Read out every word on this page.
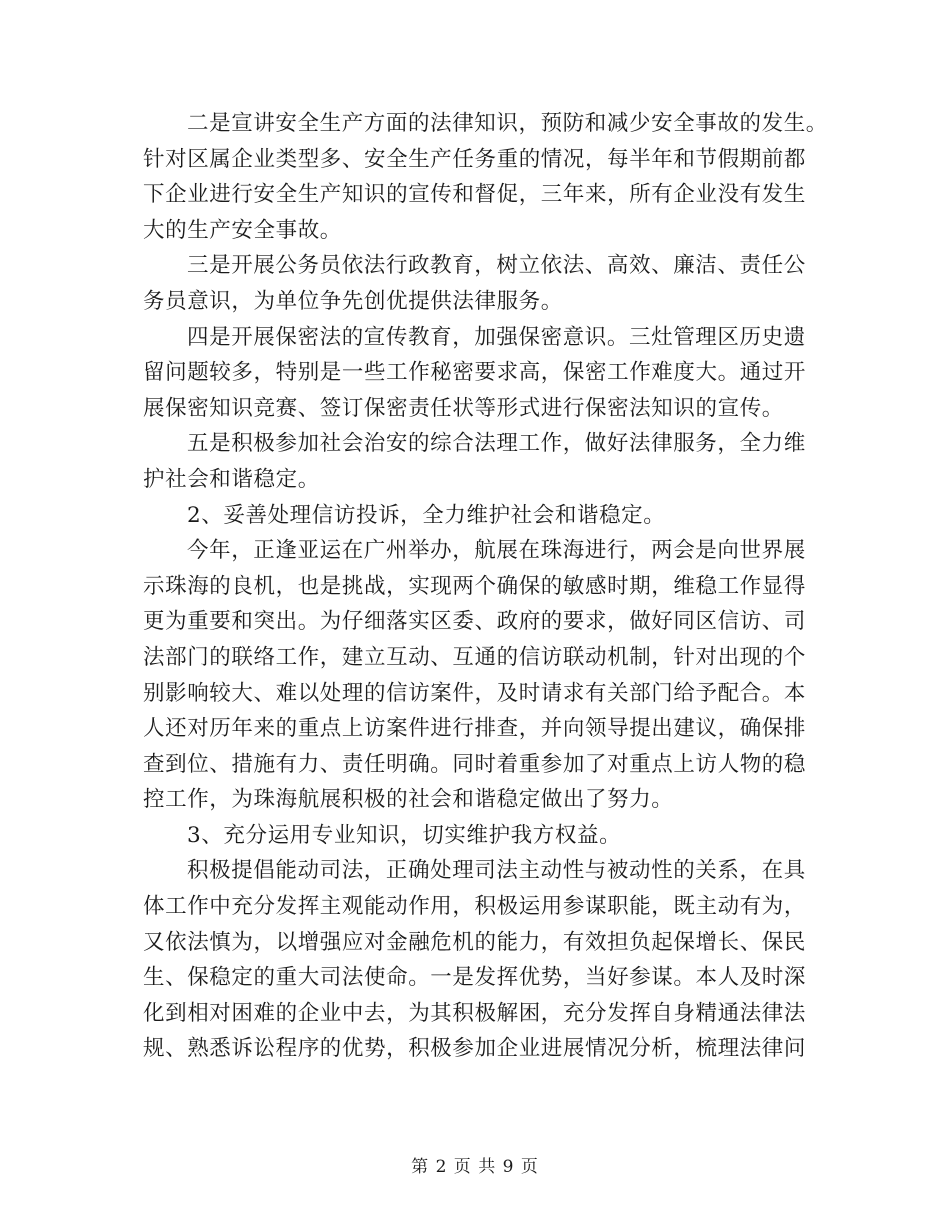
二是宣讲安全生产方面的法律知识，预防和减少安全事故的发生。
针对区属企业类型多、安全生产任务重的情况，每半年和节假期前都
下企业进行安全生产知识的宣传和督促，三年来，所有企业没有发生
大的生产安全事故。
三是开展公务员依法行政教育，树立依法、高效、廉洁、责任公
务员意识，为单位争先创优提供法律服务。
四是开展保密法的宣传教育，加强保密意识。三灶管理区历史遗
留问题较多，特别是一些工作秘密要求高，保密工作难度大。通过开
展保密知识竞赛、签订保密责任状等形式进行保密法知识的宣传。
五是积极参加社会治安的综合法理工作，做好法律服务，全力维
护社会和谐稳定。
2、妥善处理信访投诉，全力维护社会和谐稳定。
今年，正逢亚运在广州举办，航展在珠海进行，两会是向世界展
示珠海的良机，也是挑战，实现两个确保的敏感时期，维稳工作显得
更为重要和突出。为仔细落实区委、政府的要求，做好同区信访、司
法部门的联络工作，建立互动、互通的信访联动机制，针对出现的个
别影响较大、难以处理的信访案件，及时请求有关部门给予配合。本
人还对历年来的重点上访案件进行排查，并向领导提出建议，确保排
查到位、措施有力、责任明确。同时着重参加了对重点上访人物的稳
控工作，为珠海航展积极的社会和谐稳定做出了努力。
3、充分运用专业知识，切实维护我方权益。
积极提倡能动司法，正确处理司法主动性与被动性的关系，在具
体工作中充分发挥主观能动作用，积极运用参谋职能，既主动有为，
又依法慎为，以增强应对金融危机的能力，有效担负起保增长、保民
生、保稳定的重大司法使命。一是发挥优势，当好参谋。本人及时深
化到相对困难的企业中去，为其积极解困，充分发挥自身精通法律法
规、熟悉诉讼程序的优势，积极参加企业进展情况分析，梳理法律问
第 2 页 共 9 页
